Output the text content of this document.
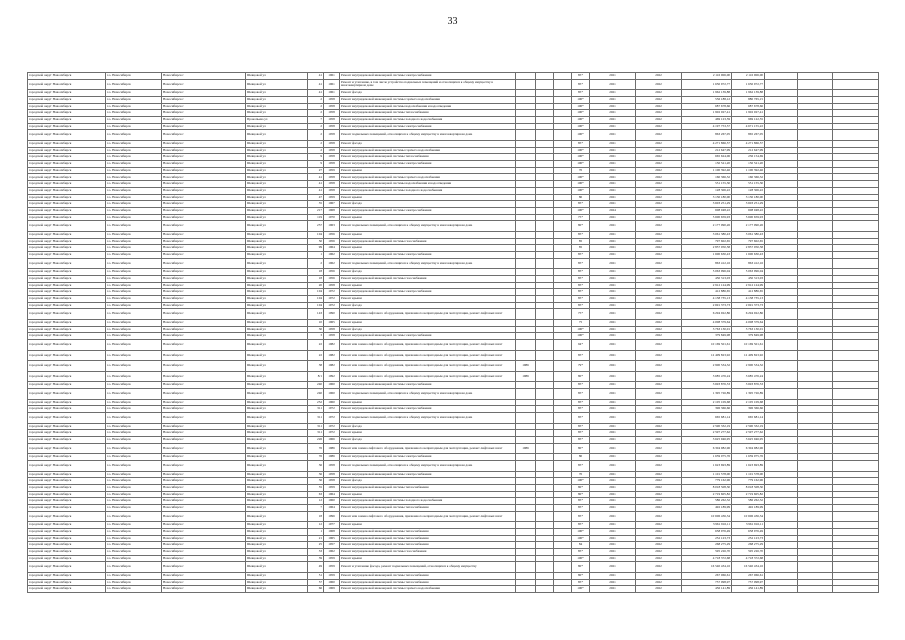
33
городской округ Новосибирск	г.о. Новосибирск	Новосибирск г	Шевцовой ул	41	1961	Ремонт внутридомовой инженерной системы электроснабжения				85*	2021	2022	2 116 906,00	2 116 906,00			
городской округ Новосибирск	г.о. Новосибирск	Новосибирск г	Шевцовой ул	41	1961	Ремонт и утепление, в том числе устройство подвальных помещений и относящихся к общему имуществу в многоквартирном доме				85*	2021	2022	1 650 972,77	1 650 972,77			
городской округ Новосибирск	г.о. Новосибирск	Новосибирск г	Шевцовой ул	41	1961	Ремонт фасада				85*	2021	2022	1 962 139,88	1 962 139,88			
городской округ Новосибирск	г.о. Новосибирск	Новосибирск г	Шевцовой ул	2	1958	Ремонт внутридомовой инженерной системы горячего водоснабжения				100*	2021	2022	556 188,12	880 765,15			
городской округ Новосибирск	г.о. Новосибирск	Новосибирск г	Шевцовой ул	2	1958	Ремонт внутридомовой инженерной системы водоснабжения и водоотведения				100*	2021	2022	687 678,66	687 678,66			
городской округ Новосибирск	г.о. Новосибирск	Новосибирск г	Шевцовой ул	2	1958	Ремонт внутридомовой инженерной системы теплоснабжения				100*	2021	2022	1 902 027,41	1 902 027,41			
городской округ Новосибирск	г.о. Новосибирск	Новосибирск г	Прокопьева ул	7	1958	Ремонт внутридомовой инженерной системы холодного водоснабжения				100*	2021	2022	469 123,59	969 122,55			
городской округ Новосибирск	г.о. Новосибирск	Новосибирск г	Шевцовой ул	2	1958	Ремонт внутридомовой инженерной системы электроснабжения				100*	2021	2022	4 197 753,57	4 671 155,22			
городской округ Новосибирск	г.о. Новосибирск	Новосибирск г	Шевцовой ул	2	1958	Ремонт подвальных помещений, относящихся к общему имуществу в многоквартирном доме				100*	2021	2022	863 267,05	865 267,05			
городской округ Новосибирск	г.о. Новосибирск	Новосибирск г	Шевцовой ул	2	1958	Ремонт фасада				85*	2021	2022	4 271 866,57	4 271 866,57			
городской округ Новосибирск	г.о. Новосибирск	Новосибирск г	Шевцовой ул	2	1958	Ремонт внутридомовой инженерной системы горячего водоснабжения				100*	2021	2022	212 647,99	212 647,99			
городской округ Новосибирск	г.о. Новосибирск	Новосибирск г	Шевцовой ул	9	1958	Ремонт внутридомовой инженерной системы теплоснабжения				100*	2021	2022	665 624,06	236 154,69			
городской округ Новосибирск	г.о. Новосибирск	Новосибирск г	Шевцовой ул	9	1958	Ремонт внутридомовой инженерной системы электроснабжения				100*	2021	2022	150 521,20	150 521,20			
городской округ Новосибирск	г.о. Новосибирск	Новосибирск г	Шевцовой ул	27	1959	Ремонт крыши				70	2021	2022	1 100 392,46	1 100 392,46			
городской округ Новосибирск	г.о. Новосибирск	Новосибирск г	Шевцовой ул	41	1958	Ремонт внутридомовой инженерной системы горячего водоснабжения				100*	2021	2022	160 366,32	160 366,32			
городской округ Новосибирск	г.о. Новосибирск	Новосибирск г	Шевцовой ул	41	1958	Ремонт внутридомовой инженерной системы водоснабжения и водоотведения				100*	2021	2022	551 155,30	551 155,30			
городской округ Новосибирск	г.о. Новосибирск	Новосибирск г	Шевцовой ул	41	1958	Ремонт внутридомовой инженерной системы холодного водоснабжения				100*	2021	2022	128 306,22	128 306,22			
городской округ Новосибирск	г.о. Новосибирск	Новосибирск г	Шевцовой ул	47	1959	Ремонт крыши				80	2021	2022	3 130 180,00	3 130 180,00			
городской округ Новосибирск	г.о. Новосибирск	Новосибирск г	Шевцовой ул	35	1967	Ремонт фасада				85*	2021	2022	3 603 251,29	3 603 251,29			
городской округ Новосибирск	г.о. Новосибирск	Новосибирск г	Шевцовой ул	217	1968	Ремонт внутридомовой инженерной системы электроснабжения				100*	2024	2025	608 048,22	608 048,22			
городской округ Новосибирск	г.о. Новосибирск	Новосибирск г	Шевцовой ул	119	1970	Ремонт крыши				75*	2021	2022	5 600 659,93	5 600 659,93			
городской округ Новосибирск	г.о. Новосибирск	Новосибирск г	Шевцовой ул	257	1963	Ремонт подвальных помещений, относящихся к общему имуществу в многоквартирном доме				80*	2021	2022	2 177 090,26	2 177 090,26			
городской округ Новосибирск	г.о. Новосибирск	Новосибирск г	Шевцовой ул	104	1956	Ремонт крыши				85*	2021	2022	3 061 380,43	3 061 380,43			
городской округ Новосибирск	г.о. Новосибирск	Новосибирск г	Шевцовой ул	50	1956	Ремонт внутридомовой инженерной системы газоснабжения				85	2021	2022	797 602,65	797 602,65			
городской округ Новосибирск	г.о. Новосибирск	Новосибирск г	Шевцовой ул	99	1964	Ремонт крыши				85	2021	2022	2 857 050,58	2 857 050,58			
городской округ Новосибирск	г.о. Новосибирск	Новосибирск г	Шевцовой ул	1	1962	Ремонт внутридомовой инженерной системы электроснабжения				85*	2021	2022	1 600 630,43	1 600 630,43			
городской округ Новосибирск	г.о. Новосибирск	Новосибирск г	Шевцовой ул	2	1962	Ремонт подвальных помещений, относящихся к общему имуществу в многоквартирном доме				85*	2021	2022	863 412,16	863 412,16			
городской округ Новосибирск	г.о. Новосибирск	Новосибирск г	Шевцовой ул	18	1956	Ремонт фасада				85*	2021	2022	5 063 996,04	5 063 996,04			
городской округ Новосибирск	г.о. Новосибирск	Новосибирск г	Шевцовой ул	18	1956	Ремонт внутридомовой инженерной системы газоснабжения				85*	2021	2022	450 313,03	450 313,03			
городской округ Новосибирск	г.о. Новосибирск	Новосибирск г	Шевцовой ул	20	1958	Ремонт крыши				85*	2021	2022	2 912 124,99	2 912 124,99			
городской округ Новосибирск	г.о. Новосибирск	Новосибирск г	Шевцовой ул	104	1972	Ремонт внутридомовой инженерной системы электроснабжения				85*	2021	2022	412 886,65	412 886,65			
городской округ Новосибирск	г.о. Новосибирск	Новосибирск г	Шевцовой ул	104	1972	Ремонт крыши				85*	2021	2022	4 138 735,13	4 138 735,13			
городской округ Новосибирск	г.о. Новосибирск	Новосибирск г	Шевцовой ул	104	1972	Ремонт фасада				85*	2021	2022	2 691 373,73	2 691 373,73			
городской округ Новосибирск	г.о. Новосибирск	Новосибирск г	Шевцовой ул	143	1990	Ремонт или замена лифтового оборудования, признанного непригодным для эксплуатации, ремонт лифтовых шахт				75*	2021	2022	6 294 922,86	6 294 922,86			
городской округ Новосибирск	г.о. Новосибирск	Новосибирск г	Шевцовой ул	10	1965	Ремонт крыши				75	2021	2022	4 008 379,64	4 008 379,64			
городской округ Новосибирск	г.о. Новосибирск	Новосибирск г	Шевцовой ул	30	1958	Ремонт фасада				100*	2021	2022	3 763 130,01	3 763 130,01			
городской округ Новосибирск	г.о. Новосибирск	Новосибирск г	Шевцовой ул	3	1958	Ремонт внутридомовой инженерной системы электроснабжения				100*	2021	2022	379 849,98	379 849,98			
городской округ Новосибирск	г.о. Новосибирск	Новосибирск г	Шевцовой ул	22	1982	Ремонт или замена лифтового оборудования, признанного непригодным для эксплуатации, ремонт лифтовых шахт				94*	2021	2022	10 169 501,61	10 169 501,61			
городской округ Новосибирск	г.о. Новосибирск	Новосибирск г	Шевцовой ул	22	1982	Ремонт или замена лифтового оборудования, признанного непригодным для эксплуатации, ремонт лифтовых шахт				85*	2021	2022	12 409 823,92	12 409 823,92			
городской округ Новосибирск	г.о. Новосибирск	Новосибирск г	Шевцовой ул	38	1982	Ремонт или замена лифтового оборудования, признанного непригодным для эксплуатации, ремонт лифтовых шахт	1986			79*	2021	2022	2 900 534,32	2 900 534,32			
городской округ Новосибирск	г.о. Новосибирск	Новосибирск г	Шевцовой ул	8/1	1992	Ремонт или замена лифтового оборудования, признанного непригодным для эксплуатации, ремонт лифтовых шахт	1986			80*	2021	2022	3 685 476,24	3 685 476,24			
городской округ Новосибирск	г.о. Новосибирск	Новосибирск г	Шевцовой ул	240	1960	Ремонт внутридомовой инженерной системы электроснабжения				85*	2021	2022	3 693 876,53	3 693 876,53			
городской округ Новосибирск	г.о. Новосибирск	Новосибирск г	Шевцовой ул	240	1960	Ремонт подвальных помещений, относящихся к общему имуществу в многоквартирном доме				85*	2021	2022	1 395 726,89	1 395 726,89			
городской округ Новосибирск	г.о. Новосибирск	Новосибирск г	Шевцовой ул	252	1960	Ремонт крыши				85*	2021	2022	2 105 109,68	2 105 109,68			
городской округ Новосибирск	г.о. Новосибирск	Новосибирск г	Шевцовой ул	311	1972	Ремонт внутридомовой инженерной системы электроснабжения				85*	2021	2022	396 366,66	396 366,66			
городской округ Новосибирск	г.о. Новосибирск	Новосибирск г	Шевцовой ул	311	1972	Ремонт подвальных помещений, относящихся к общему имуществу в многоквартирном доме				85*	2021	2022	665 681,14	665 681,14			
городской округ Новосибирск	г.о. Новосибирск	Новосибирск г	Шевцовой ул	311	1972	Ремонт фасада				85*	2021	2022	2 590 332,19	2 590 332,19			
городской округ Новосибирск	г.о. Новосибирск	Новосибирск г	Шевцовой ул	311	1972	Ремонт крыши				85*	2021	2022	2 597 277,62	2 597 277,62			
городской округ Новосибирск	г.о. Новосибирск	Новосибирск г	Шевцовой ул	226	1966	Ремонт фасада				85*	2021	2022	3 625 946,95	3 625 946,95			
городской округ Новосибирск	г.о. Новосибирск	Новосибирск г	Шевцовой ул	76	1986	Ремонт или замена лифтового оборудования, признанного непригодным для эксплуатации, ремонт лифтовых шахт	1986			80*	2021	2022	6 304 982,96	6 304 982,96			
городской округ Новосибирск	г.о. Новосибирск	Новосибирск г	Шевцовой ул	76	1986	Ремонт внутридомовой инженерной системы электроснабжения				80	2021	2022	1 659 075,76	1 659 075,76			
городской округ Новосибирск	г.о. Новосибирск	Новосибирск г	Шевцовой ул	36	1958	Ремонт подвальных помещений, относящихся к общему имуществу в многоквартирном доме				85*	2021	2022	1 623 693,89	1 623 693,89			
городской округ Новосибирск	г.о. Новосибирск	Новосибирск г	Шевцовой ул	36	1958	Ремонт внутридомовой инженерной системы электроснабжения				70	2021	2022	1 101 578,00	1 101 578,00			
городской округ Новосибирск	г.о. Новосибирск	Новосибирск г	Шевцовой ул	36	1958	Ремонт фасада				100*	2021	2022	779 162,96	779 162,96			
городской округ Новосибирск	г.о. Новосибирск	Новосибирск г	Шевцовой ул	55	1959	Ремонт внутридомовой инженерной системы теплоснабжения				80*	2021	2022	8 018 508,30	8 018 508,30			
городской округ Новосибирск	г.о. Новосибирск	Новосибирск г	Шевцовой ул	63	1964	Ремонт крыши				80*	2021	2022	2 719 605,82	2 719 605,82			
городской округ Новосибирск	г.о. Новосибирск	Новосибирск г	Шевцовой ул	12	1960	Ремонт внутридомовой инженерной системы холодного водоснабжения				85*	2021	2022	586 262,32	586 262,32			
городской округ Новосибирск	г.о. Новосибирск	Новосибирск г	Шевцовой ул	7	1964	Ремонт внутридомовой инженерной системы теплоснабжения				85*	2021	2022	492 189,99	492 189,99			
городской округ Новосибирск	г.о. Новосибирск	Новосибирск г	Шевцовой ул	18	1996	Ремонт или замена лифтового оборудования, признанного непригодным для эксплуатации, ремонт лифтовых шахт				85*	2021	2022	10 606 436,34	10 606 436,34			
городской округ Новосибирск	г.о. Новосибирск	Новосибирск г	Шевцовой ул	12	1977	Ремонт крыши				85*	2021	2022	3 961 916,11	3 961 916,11			
городской округ Новосибирск	г.о. Новосибирск	Новосибирск г	Шевцовой ул	1	1968	Ремонт внутридомовой инженерной системы теплоснабжения				100*	2021	2022	658 976,49	658 976,49			
городской округ Новосибирск	г.о. Новосибирск	Новосибирск г	Шевцовой ул	21	1965	Ремонт внутридомовой инженерной системы теплоснабжения				100*	2021	2022	252 123,73	252 123,73			
городской округ Новосибирск	г.о. Новосибирск	Новосибирск г	Шевцовой ул	25	1957	Ремонт внутридомовой инженерной системы теплоснабжения				84	2021	2022	268 275,29	268 275,29			
городской округ Новосибирск	г.о. Новосибирск	Новосибирск г	Шевцовой ул	33	1962	Ремонт внутридомовой инженерной системы газоснабжения				85*	2021	2022	595 226,70	595 226,70			
городской округ Новосибирск	г.о. Новосибирск	Новосибирск г	Шевцовой ул	39	1959	Ремонт крыши				100*	2021	2022	4 718 372,68	4 718 372,68			
городской округ Новосибирск	г.о. Новосибирск	Новосибирск г	Шевцовой ул	49	1959	Ремонт и утепление фасада, ремонт подвальных помещений, относящихся к общему имуществу				80*	2021	2022	16 540 434,16	16 540 434,16			
городской округ Новосибирск	г.о. Новосибирск	Новосибирск г	Шевцовой ул	51	1959	Ремонт внутридомовой инженерной системы теплоснабжения				80*	2021	2022	267 066,61	267 066,61			
городской округ Новосибирск	г.о. Новосибирск	Новосибирск г	Шевцовой ул	57	1960	Ремонт внутридомовой инженерной системы теплоснабжения				85*	2021	2022	757 098,97	757 098,97			
городской округ Новосибирск	г.о. Новосибирск	Новосибирск г	Шевцовой ул	66	1969	Ремонт внутридомовой инженерной системы горячего водоснабжения				100*	2021	2022	456 141,89	456 141,89			
